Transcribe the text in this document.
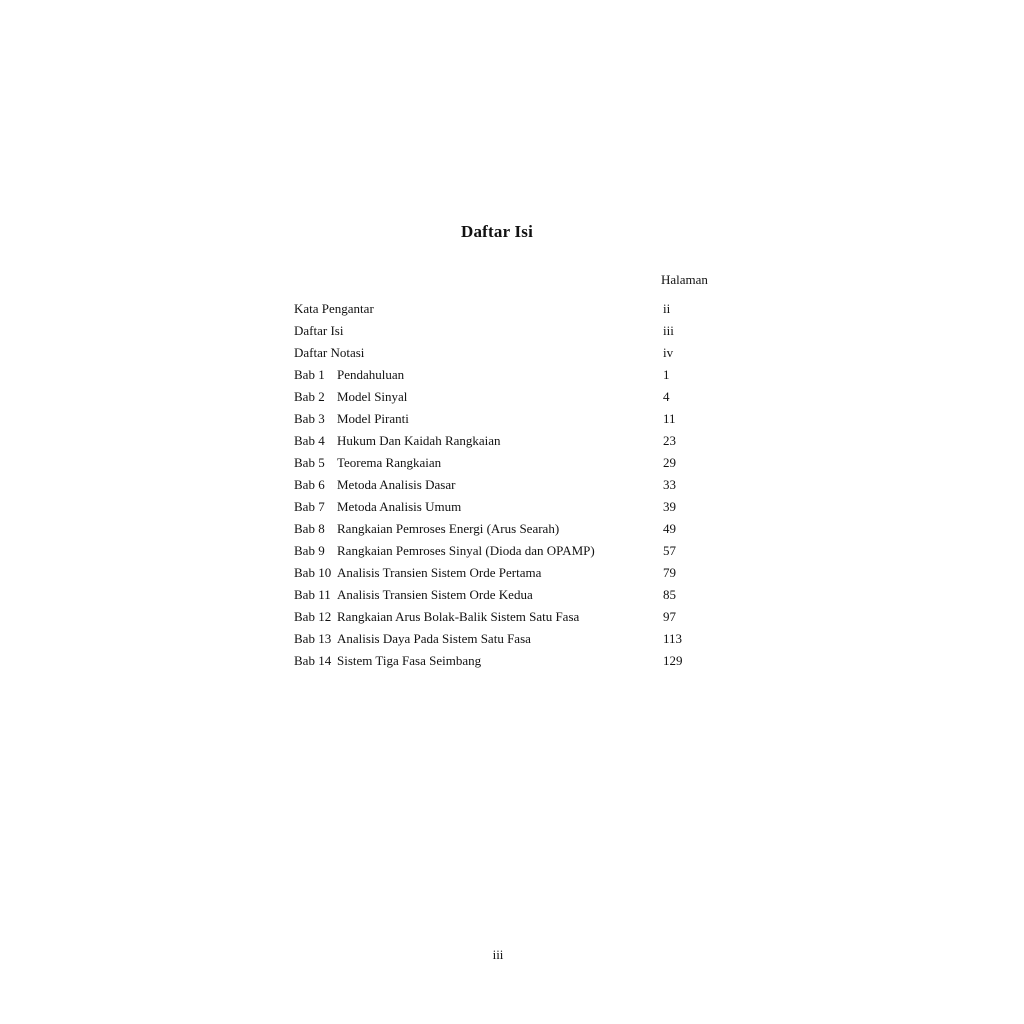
Daftar Isi
Halaman
Kata Pengantar	ii
Daftar Isi	iii
Daftar Notasi	iv
Bab 1 Pendahuluan	1
Bab 2 Model Sinyal	4
Bab 3 Model Piranti	11
Bab 4 Hukum Dan Kaidah Rangkaian	23
Bab 5 Teorema Rangkaian	29
Bab 6 Metoda Analisis Dasar	33
Bab 7 Metoda Analisis Umum	39
Bab 8 Rangkaian Pemroses Energi (Arus Searah)	49
Bab 9 Rangkaian Pemroses Sinyal (Dioda dan OPAMP)	57
Bab 10 Analisis Transien Sistem Orde Pertama	79
Bab 11 Analisis Transien Sistem Orde Kedua	85
Bab 12 Rangkaian Arus Bolak-Balik Sistem Satu Fasa	97
Bab 13 Analisis Daya Pada Sistem Satu Fasa	113
Bab 14 Sistem Tiga Fasa Seimbang	129
iii
